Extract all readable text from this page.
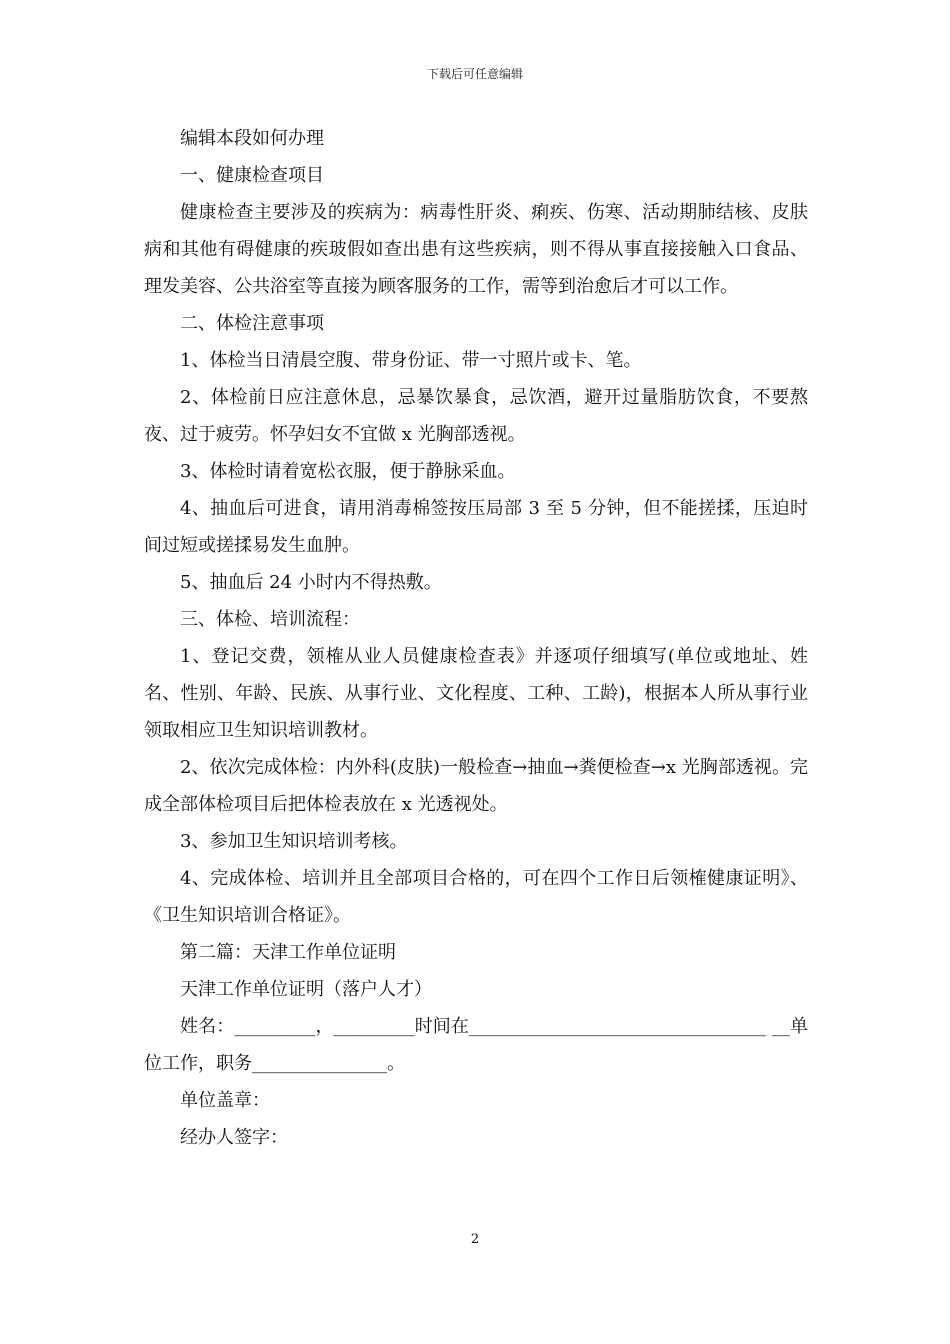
下载后可任意编辑

编辑本段如何办理

一、健康检查项目

健康检查主要涉及的疾病为：病毒性肝炎、痢疾、伤寒、活动期肺结核、皮肤病和其他有碍健康的疾玻假如查出患有这些疾病，则不得从事直接接触入口食品、理发美容、公共浴室等直接为顾客服务的工作，需等到治愈后才可以工作。

二、体检注意事项

1、体检当日清晨空腹、带身份证、带一寸照片或卡、笔。

2、体检前日应注意休息，忌暴饮暴食，忌饮酒，避开过量脂肪饮食，不要熬夜、过于疲劳。怀孕妇女不宜做 x 光胸部透视。

3、体检时请着宽松衣服，便于静脉采血。

4、抽血后可进食，请用消毒棉签按压局部 3 至 5 分钟，但不能搓揉，压迫时间过短或搓揉易发生血肿。

5、抽血后 24 小时内不得热敷。

三、体检、培训流程：

1、登记交费，领榷从业人员健康检查表》并逐项仔细填写(单位或地址、姓名、性别、年龄、民族、从事行业、文化程度、工种、工龄)，根据本人所从事行业领取相应卫生知识培训教材。

2、依次完成体检：内外科(皮肤)一般检查→抽血→粪便检查→x 光胸部透视。完成全部体检项目后把体检表放在 x 光透视处。

3、参加卫生知识培训考核。

4、完成体检、培训并且全部项目合格的，可在四个工作日后领榷健康证明》、《卫生知识培训合格证》。

第二篇：天津工作单位证明

天津工作单位证明（落户人才）

姓名：_________，_________时间在_________________________________ __单位工作，职务_______________。

单位盖章：

经办人签字：

2
